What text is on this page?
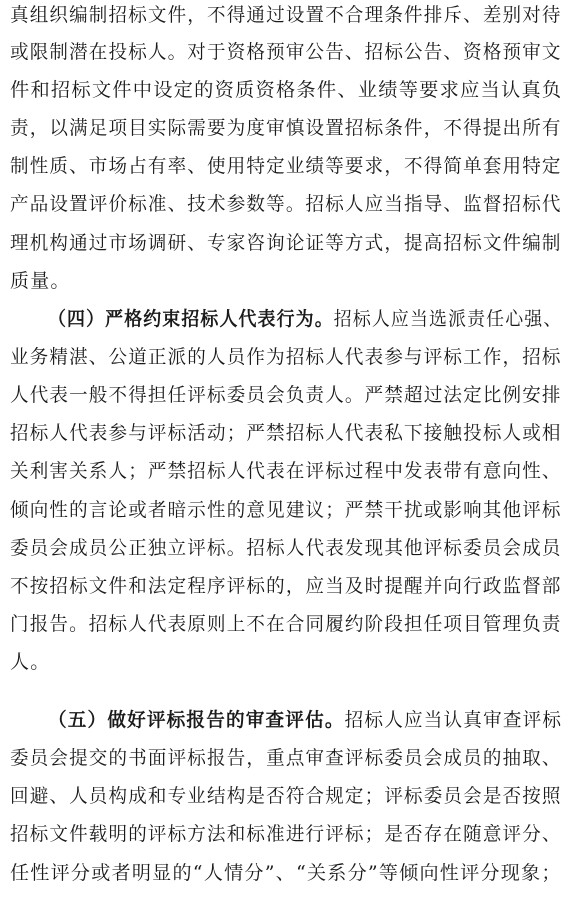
真组织编制招标文件，不得通过设置不合理条件排斥、差别对待
或限制潜在投标人。对于资格预审公告、招标公告、资格预审文
件和招标文件中设定的资质资格条件、业绩等要求应当认真负
责，以满足项目实际需要为度审慎设置招标条件，不得提出所有
制性质、市场占有率、使用特定业绩等要求，不得简单套用特定
产品设置评价标准、技术参数等。招标人应当指导、监督招标代
理机构通过市场调研、专家咨询论证等方式，提高招标文件编制
质量。
（四）严格约束招标人代表行为。招标人应当选派责任心强、
业务精湛、公道正派的人员作为招标人代表参与评标工作，招标
人代表一般不得担任评标委员会负责人。严禁超过法定比例安排
招标人代表参与评标活动；严禁招标人代表私下接触投标人或相
关利害关系人；严禁招标人代表在评标过程中发表带有意向性、
倾向性的言论或者暗示性的意见建议；严禁干扰或影响其他评标
委员会成员公正独立评标。招标人代表发现其他评标委员会成员
不按招标文件和法定程序评标的，应当及时提醒并向行政监督部
门报告。招标人代表原则上不在合同履约阶段担任项目管理负责
人。
（五）做好评标报告的审查评估。招标人应当认真审查评标
委员会提交的书面评标报告，重点审查评标委员会成员的抽取、
回避、人员构成和专业结构是否符合规定；评标委员会是否按照
招标文件载明的评标方法和标准进行评标；是否存在随意评分、
任性评分或者明显的“人情分”、“关系分”等倾向性评分现象；
